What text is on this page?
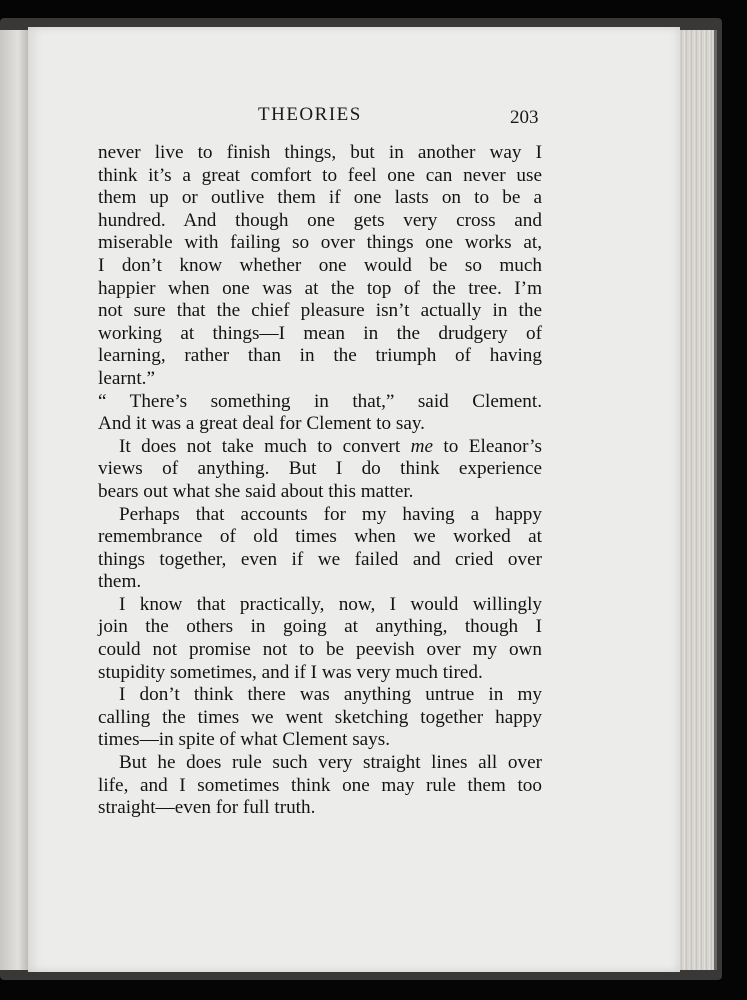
THEORIES	203

never live to finish things, but in another way I
think it’s a great comfort to feel one can never use
them up or outlive them if one lasts on to be a
hundred. And though one gets very cross and
miserable with failing so over things one works at,
I don’t know whether one would be so much
happier when one was at the top of the tree. I’m
not sure that the chief pleasure isn’t actually in the
working at things—I mean in the drudgery of
learning, rather than in the triumph of having
learnt.”

“ There’s something in that,” said Clement.
And it was a great deal for Clement to say.

It does not take much to convert me to Eleanor’s
views of anything. But I do think experience
bears out what she said about this matter.

Perhaps that accounts for my having a happy
remembrance of old times when we worked at
things together, even if we failed and cried over
them.

I know that practically, now, I would willingly
join the others in going at anything, though I
could not promise not to be peevish over my own
stupidity sometimes, and if I was very much tired.

I don’t think there was anything untrue in my
calling the times we went sketching together happy
times—in spite of what Clement says.

But he does rule such very straight lines all over
life, and I sometimes think one may rule them too
straight—even for full truth.
